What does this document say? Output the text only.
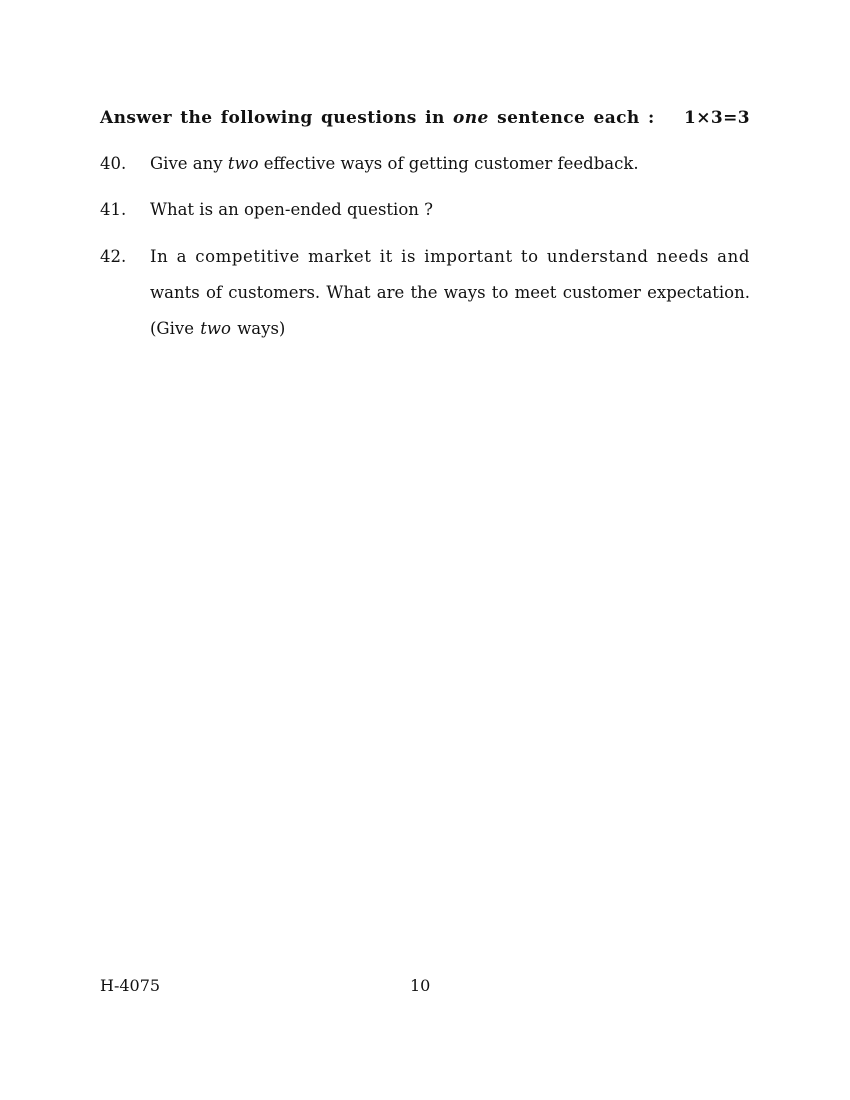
Answer the following questions in one sentence each : 1×3=3
40. Give any two effective ways of getting customer feedback.
41. What is an open-ended question ?
42. In a competitive market it is important to understand needs and
wants of customers. What are the ways to meet customer expectation.
(Give two ways)
H-4075	10
